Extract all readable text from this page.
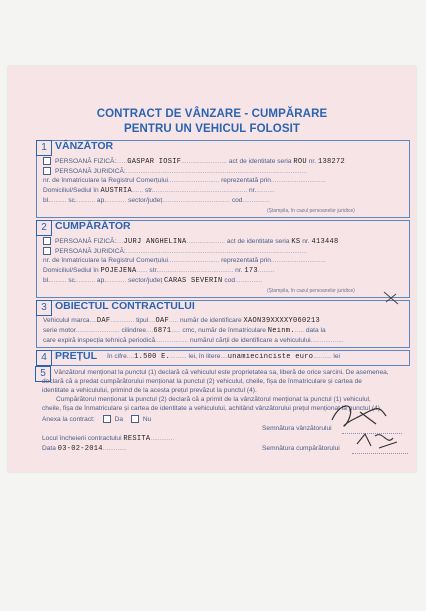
CONTRACT DE VÂNZARE - CUMPĂRARE
PENTRU UN VEHICUL FOLOSIT
1 VÂNZĂTOR
PERSOANĂ FIZICĂ:......GASPAR IOSIF......................... act de identitate seria ROU nr. 138272
PERSOANĂ JURIDICĂ:...................................................................................................
nr. de înmatriculare la Registrul Comerțului............................ reprezentată prin..............................
Domiciliul/Sediul în AUSTRIA...... str.................................................... nr...........
bl.......... sc........... ap............ sector/județ..................................... cod...............
(Ștampila, în cazul persoanelor juridice)
2 CUMPĂRĂTOR
PERSOANĂ FIZICĂ:....JURJ ANGHELINA..................... act de identitate seria KS nr. 413448
PERSOANĂ JURIDICĂ:...................................................................................................
nr. de înmatriculare la Registrul Comerțului............................ reprezentată prin..............................
Domiciliul/Sediul în POJEJENA...... str.......................................... nr. 173.........
bl.......... sc........... ap............ sector/județ CARAS SEVERIN cod...............
(Ștampila, în cazul persoanelor juridice)
3 OBIECTUL CONTRACTULUI
Vehiculul marca....DAF............. tipul....OAF..... număr de identificare XAON39XXXXY060213
serie motor........................ cilindree....6871..... cmc, număr de înmatriculare Neinm...... data la
care expiră inspecția tehnică periodică.................. numărul cărții de identificare a vehiculului..................
4 PREȚUL în cifre....1.500 E.......... lei, în litere....unamiecinciste euro.......... lei
5	Vânzătorul menționat la punctul (1) declară că vehiculul este proprietatea sa, liberă de orice sarcini. De asemenea,
declară că a predat cumpărătorului menționat la punctul (2) vehiculul, cheile, fișa de înmatriculare și cartea de
identitate a vehiculului, primind de la acesta prețul prevăzut la punctul (4).
Cumpărătorul menționat la punctul (2) declară că a primit de la vânzătorul menționat la punctul (1) vehiculul,
cheile, fișa de înmatriculare și cartea de identitate a vehiculului, achitând vânzătorului prețul menționat la punctul (4).
Anexa la contract:	Da	Nu
Semnătura vânzătorului
Locul încheierii contractului RESITA.............
Data 03-02-2014.............	Semnătura cumpărătorului
